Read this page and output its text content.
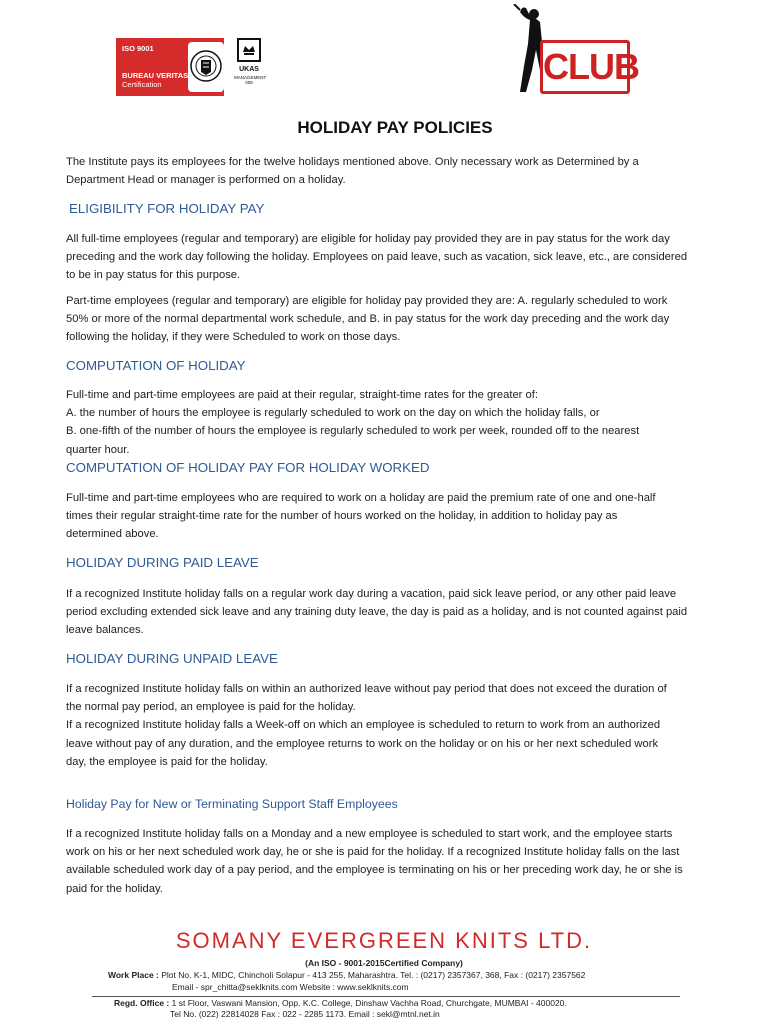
ISO 9001
BUREAU VERITAS
Certification
UKAS
MANAGEMENT 008	CLUB
HOLIDAY PAY POLICIES

The Institute pays its employees for the twelve holidays mentioned above. Only necessary work as Determined by a
Department Head or manager is performed on a holiday.

ELIGIBILITY FOR HOLIDAY PAY

All full-time employees (regular and temporary) are eligible for holiday pay provided they are in pay status for the work day
preceding and the work day following the holiday. Employees on paid leave, such as vacation, sick leave, etc., are considered
to be in pay status for this purpose.

Part-time employees (regular and temporary) are eligible for holiday pay provided they are: A. regularly scheduled to work
50% or more of the normal departmental work schedule, and B. in pay status for the work day preceding and the work day
following the holiday, if they were Scheduled to work on those days.

COMPUTATION OF HOLIDAY

Full-time and part-time employees are paid at their regular, straight-time rates for the greater of:
A. the number of hours the employee is regularly scheduled to work on the day on which the holiday falls, or
B. one-fifth of the number of hours the employee is regularly scheduled to work per week, rounded off to the nearest
quarter hour.

COMPUTATION OF HOLIDAY PAY FOR HOLIDAY WORKED

Full-time and part-time employees who are required to work on a holiday are paid the premium rate of one and one-half
times their regular straight-time rate for the number of hours worked on the holiday, in addition to holiday pay as
determined above.

HOLIDAY DURING PAID LEAVE

If a recognized Institute holiday falls on a regular work day during a vacation, paid sick leave period, or any other paid leave
period excluding extended sick leave and any training duty leave, the day is paid as a holiday, and is not counted against paid
leave balances.

HOLIDAY DURING UNPAID LEAVE

If a recognized Institute holiday falls on within an authorized leave without pay period that does not exceed the duration of
the normal pay period, an employee is paid for the holiday.
If a recognized Institute holiday falls a Week-off on which an employee is scheduled to return to work from an authorized
leave without pay of any duration, and the employee returns to work on the holiday or on his or her next scheduled work
day, the employee is paid for the holiday.

Holiday Pay for New or Terminating Support Staff Employees

If a recognized Institute holiday falls on a Monday and a new employee is scheduled to start work, and the employee starts
work on his or her next scheduled work day, he or she is paid for the holiday. If a recognized Institute holiday falls on the last
available scheduled work day of a pay period, and the employee is terminating on his or her preceding work day, he or she is
paid for the holiday.

SOMANY EVERGREEN KNITS LTD.
(An ISO - 9001-2015Certified Company)
Work Place : Plot No. K-1, MIDC, Chincholi Solapur - 413 255, Maharashtra. Tel. : (0217) 2357367, 368, Fax : (0217) 2357562
Email - spr_chitta@seklknits.com Website : www.seklknits.com
Regd. Office : 1 st Floor, Vaswani Mansion, Opp. K.C. College, Dinshaw Vachha Road, Churchgate, MUMBAI - 400020.
Tel No. (022) 22814028 Fax : 022 - 2285 1173. Email : sekl@mtnl.net.in
